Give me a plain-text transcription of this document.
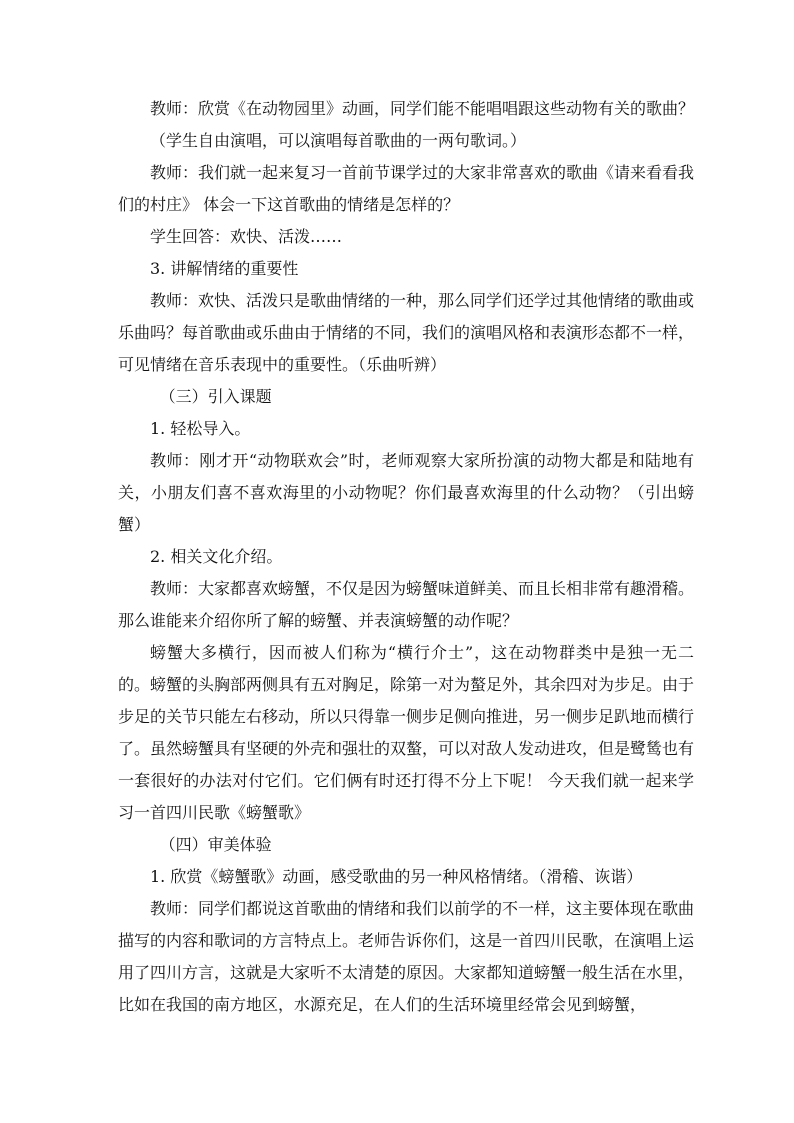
教师：欣赏《在动物园里》动画，同学们能不能唱唱跟这些动物有关的歌曲？

（学生自由演唱，可以演唱每首歌曲的一两句歌词。）

教师：我们就一起来复习一首前节课学过的大家非常喜欢的歌曲《请来看看我们的村庄》 体会一下这首歌曲的情绪是怎样的？

学生回答：欢快、活泼……

3. 讲解情绪的重要性

教师：欢快、活泼只是歌曲情绪的一种，那么同学们还学过其他情绪的歌曲或乐曲吗？每首歌曲或乐曲由于情绪的不同，我们的演唱风格和表演形态都不一样，可见情绪在音乐表现中的重要性。（乐曲听辨）

（三）引入课题

1. 轻松导入。

教师：刚才开“动物联欢会”时，老师观察大家所扮演的动物大都是和陆地有关，小朋友们喜不喜欢海里的小动物呢？你们最喜欢海里的什么动物？（引出螃蟹）

2. 相关文化介绍。

教师：大家都喜欢螃蟹，不仅是因为螃蟹味道鲜美、而且长相非常有趣滑稽。那么谁能来介绍你所了解的螃蟹、并表演螃蟹的动作呢？

螃蟹大多横行，因而被人们称为“横行介士”，这在动物群类中是独一无二的。螃蟹的头胸部两侧具有五对胸足，除第一对为螯足外，其余四对为步足。由于步足的关节只能左右移动，所以只得靠一侧步足侧向推进，另一侧步足趴地而横行了。虽然螃蟹具有坚硬的外壳和强壮的双螯，可以对敌人发动进攻，但是鹭鸶也有一套很好的办法对付它们。它们俩有时还打得不分上下呢！ 今天我们就一起来学习一首四川民歌《螃蟹歌》

（四）审美体验

1. 欣赏《螃蟹歌》动画，感受歌曲的另一种风格情绪。（滑稽、诙谐）

教师：同学们都说这首歌曲的情绪和我们以前学的不一样，这主要体现在歌曲描写的内容和歌词的方言特点上。老师告诉你们，这是一首四川民歌，在演唱上运用了四川方言，这就是大家听不太清楚的原因。大家都知道螃蟹一般生活在水里，比如在我国的南方地区，水源充足，在人们的生活环境里经常会见到螃蟹，
